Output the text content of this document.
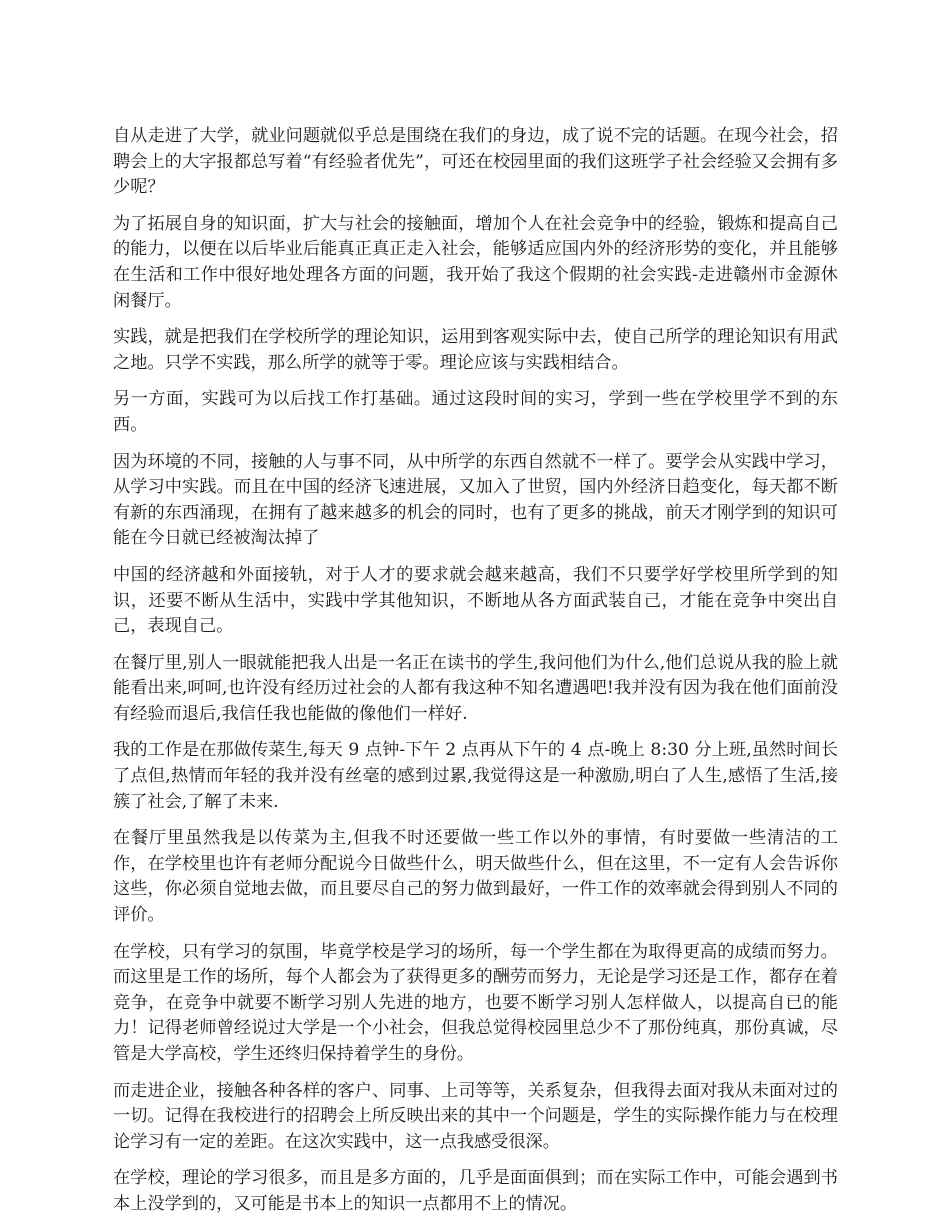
自从走进了大学，就业问题就似乎总是围绕在我们的身边，成了说不完的话题。在现今社会，招聘会上的大字报都总写着“有经验者优先”，可还在校园里面的我们这班学子社会经验又会拥有多少呢？

为了拓展自身的知识面，扩大与社会的接触面，增加个人在社会竞争中的经验，锻炼和提高自己的能力，以便在以后毕业后能真正真正走入社会，能够适应国内外的经济形势的变化，并且能够在生活和工作中很好地处理各方面的问题，我开始了我这个假期的社会实践-走进赣州市金源休闲餐厅。

实践，就是把我们在学校所学的理论知识，运用到客观实际中去，使自己所学的理论知识有用武之地。只学不实践，那么所学的就等于零。理论应该与实践相结合。

另一方面，实践可为以后找工作打基础。通过这段时间的实习，学到一些在学校里学不到的东西。

因为环境的不同，接触的人与事不同，从中所学的东西自然就不一样了。要学会从实践中学习，从学习中实践。而且在中国的经济飞速进展，又加入了世贸，国内外经济日趋变化，每天都不断有新的东西涌现，在拥有了越来越多的机会的同时，也有了更多的挑战，前天才刚学到的知识可能在今日就已经被淘汰掉了

中国的经济越和外面接轨，对于人才的要求就会越来越高，我们不只要学好学校里所学到的知识，还要不断从生活中，实践中学其他知识，不断地从各方面武装自己，才能在竞争中突出自己，表现自己。

在餐厅里,别人一眼就能把我人出是一名正在读书的学生,我问他们为什么,他们总说从我的脸上就能看出来,呵呵,也许没有经历过社会的人都有我这种不知名遭遇吧!我并没有因为我在他们面前没有经验而退后,我信任我也能做的像他们一样好.

我的工作是在那做传菜生,每天 9 点钟-下午 2 点再从下午的 4 点-晚上 8:30 分上班,虽然时间长了点但,热情而年轻的我并没有丝毫的感到过累,我觉得这是一种激励,明白了人生,感悟了生活,接簇了社会,了解了未来.

在餐厅里虽然我是以传菜为主,但我不时还要做一些工作以外的事情，有时要做一些清洁的工作，在学校里也许有老师分配说今日做些什么，明天做些什么，但在这里，不一定有人会告诉你这些，你必须自觉地去做，而且要尽自己的努力做到最好，一件工作的效率就会得到别人不同的评价。

在学校，只有学习的氛围，毕竟学校是学习的场所，每一个学生都在为取得更高的成绩而努力。而这里是工作的场所，每个人都会为了获得更多的酬劳而努力，无论是学习还是工作，都存在着竞争，在竞争中就要不断学习别人先进的地方，也要不断学习别人怎样做人，以提高自已的能力！记得老师曾经说过大学是一个小社会，但我总觉得校园里总少不了那份纯真，那份真诚，尽管是大学高校，学生还终归保持着学生的身份。

而走进企业，接触各种各样的客户、同事、上司等等，关系复杂，但我得去面对我从未面对过的一切。记得在我校进行的招聘会上所反映出来的其中一个问题是，学生的实际操作能力与在校理论学习有一定的差距。在这次实践中，这一点我感受很深。

在学校，理论的学习很多，而且是多方面的，几乎是面面俱到；而在实际工作中，可能会遇到书本上没学到的，又可能是书本上的知识一点都用不上的情况。
